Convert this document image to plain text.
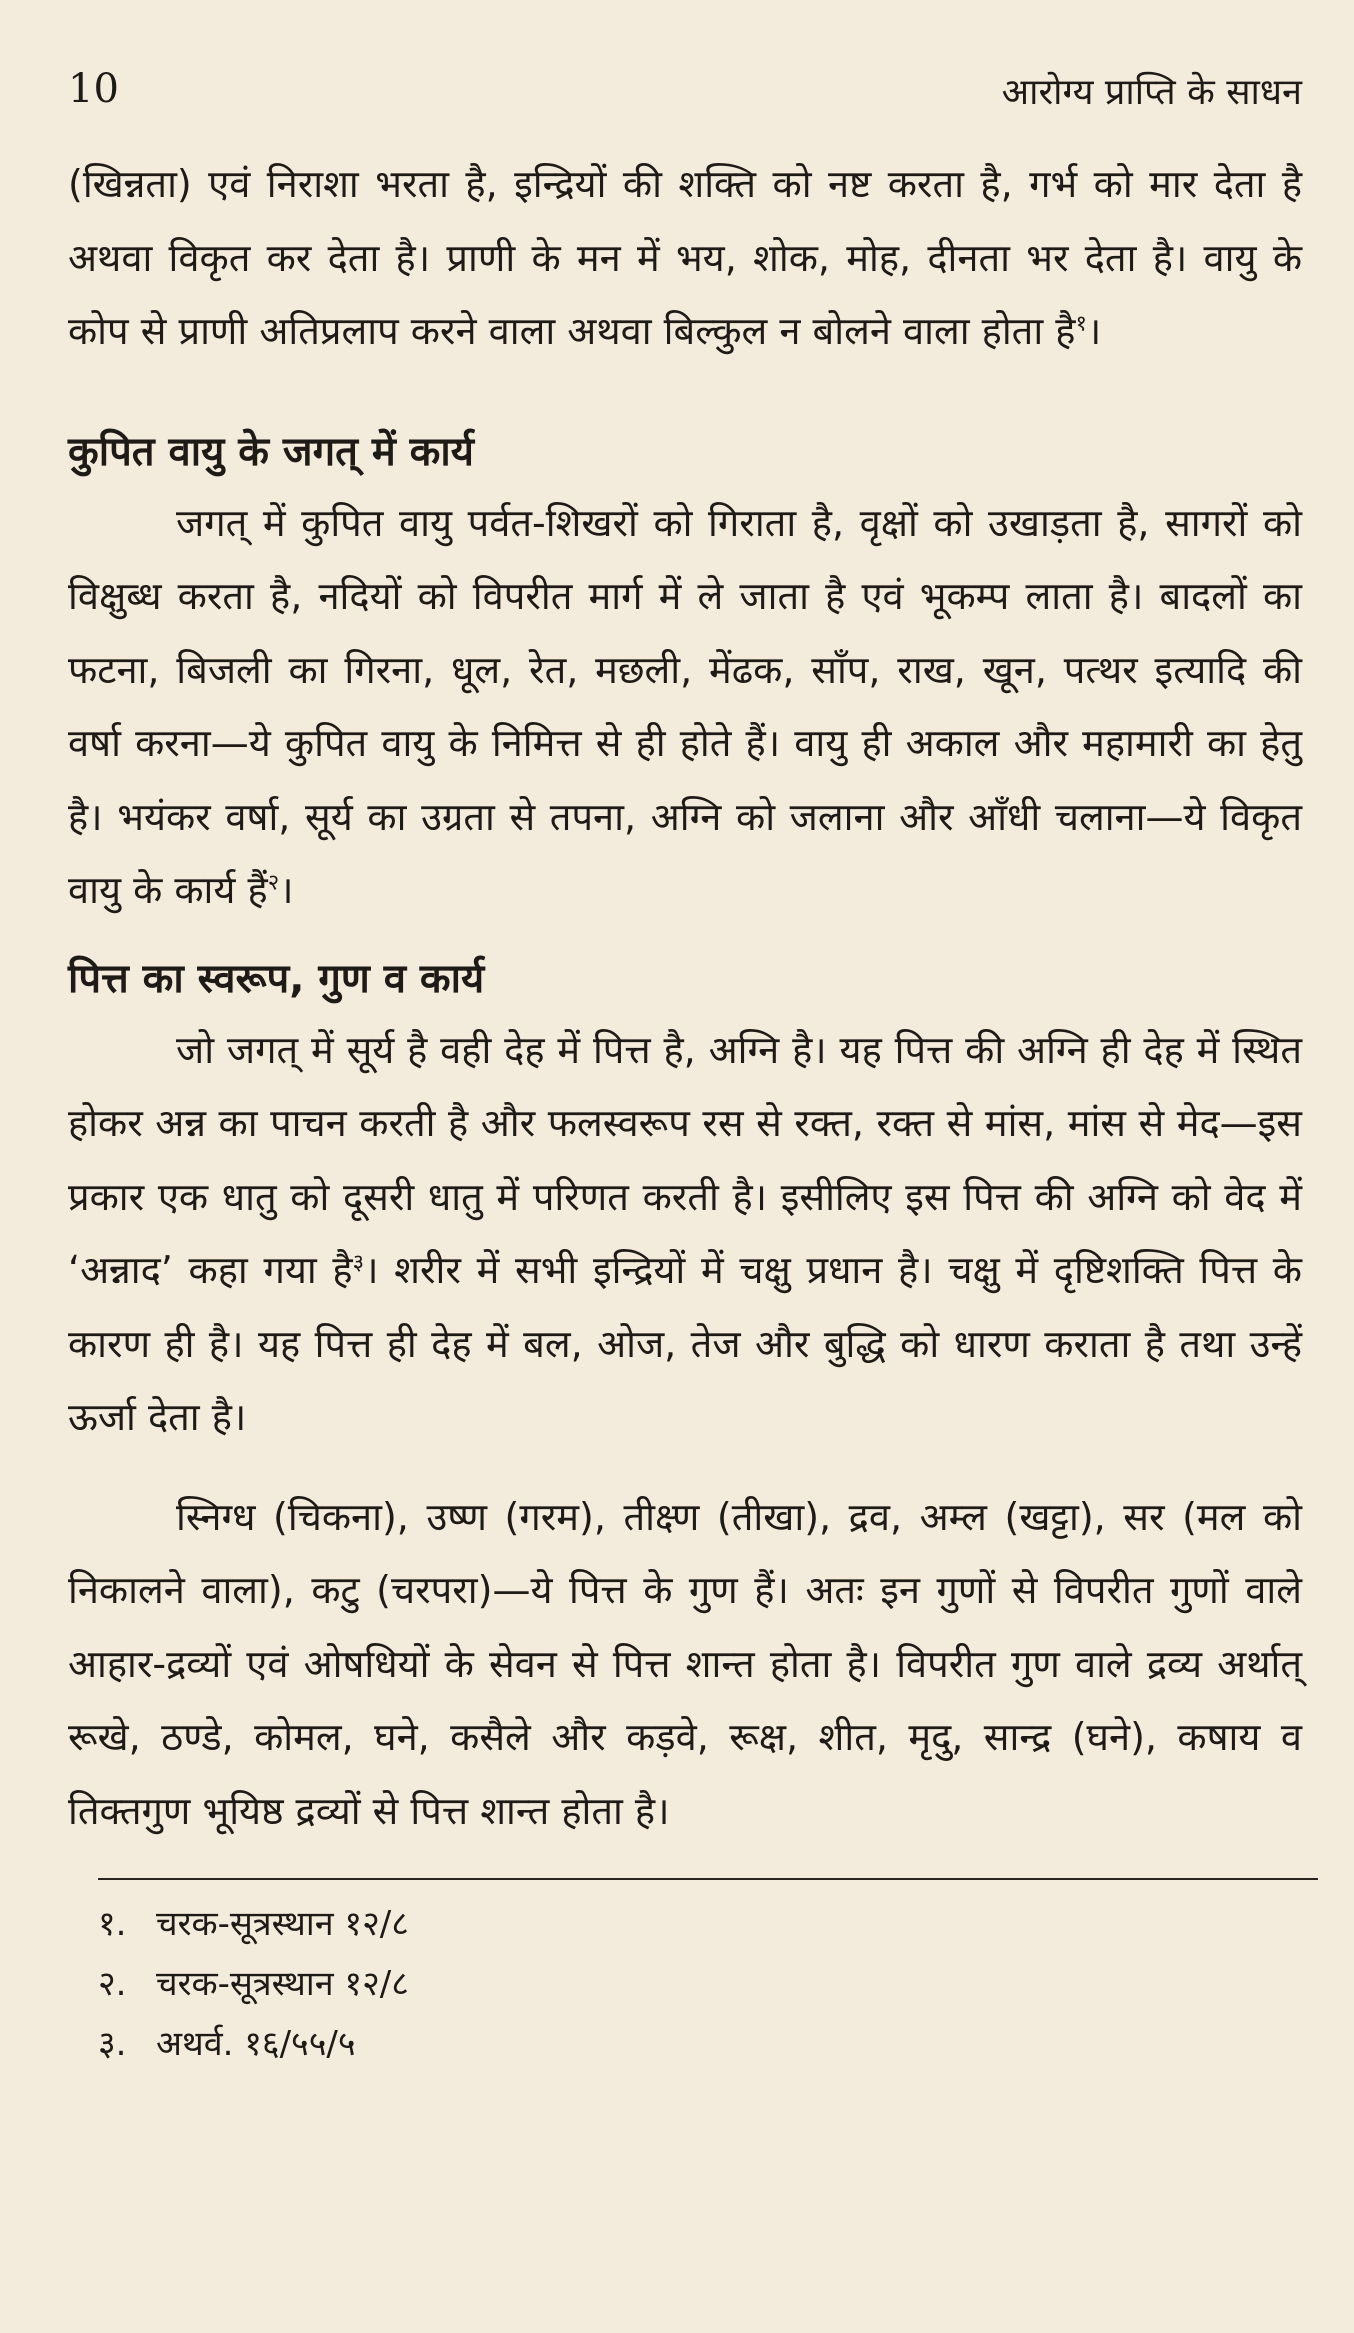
10	आरोग्य प्राप्ति के साधन

(खिन्नता) एवं निराशा भरता है, इन्द्रियों की शक्ति को नष्ट करता है, गर्भ को मार देता है अथवा विकृत कर देता है। प्राणी के मन में भय, शोक, मोह, दीनता भर देता है। वायु के कोप से प्राणी अतिप्रलाप करने वाला अथवा बिल्कुल न बोलने वाला होता है$^१$।

कुपित वायु के जगत् में कार्य

जगत् में कुपित वायु पर्वत-शिखरों को गिराता है, वृक्षों को उखाड़ता है, सागरों को विक्षुब्ध करता है, नदियों को विपरीत मार्ग में ले जाता है एवं भूकम्प लाता है। बादलों का फटना, बिजली का गिरना, धूल, रेत, मछली, मेंढक, साँप, राख, खून, पत्थर इत्यादि की वर्षा करना—ये कुपित वायु के निमित्त से ही होते हैं। वायु ही अकाल और महामारी का हेतु है। भयंकर वर्षा, सूर्य का उग्रता से तपना, अग्नि को जलाना और आँधी चलाना—ये विकृत वायु के कार्य हैं$^२$।

पित्त का स्वरूप, गुण व कार्य

जो जगत् में सूर्य है वही देह में पित्त है, अग्नि है। यह पित्त की अग्नि ही देह में स्थित होकर अन्न का पाचन करती है और फलस्वरूप रस से रक्त, रक्त से मांस, मांस से मेद—इस प्रकार एक धातु को दूसरी धातु में परिणत करती है। इसीलिए इस पित्त की अग्नि को वेद में ‘अन्नाद’ कहा गया है$^३$। शरीर में सभी इन्द्रियों में चक्षु प्रधान है। चक्षु में दृष्टिशक्ति पित्त के कारण ही है। यह पित्त ही देह में बल, ओज, तेज और बुद्धि को धारण कराता है तथा उन्हें ऊर्जा देता है।

स्निग्ध (चिकना), उष्ण (गरम), तीक्ष्ण (तीखा), द्रव, अम्ल (खट्टा), सर (मल को निकालने वाला), कटु (चरपरा)—ये पित्त के गुण हैं। अतः इन गुणों से विपरीत गुणों वाले आहार-द्रव्यों एवं ओषधियों के सेवन से पित्त शान्त होता है। विपरीत गुण वाले द्रव्य अर्थात् रूखे, ठण्डे, कोमल, घने, कसैले और कड़वे, रूक्ष, शीत, मृदु, सान्द्र (घने), कषाय व तिक्तगुण भूयिष्ठ द्रव्यों से पित्त शान्त होता है।

१. चरक-सूत्रस्थान १२/८
२. चरक-सूत्रस्थान १२/८
३. अथर्व. १६/५५/५
